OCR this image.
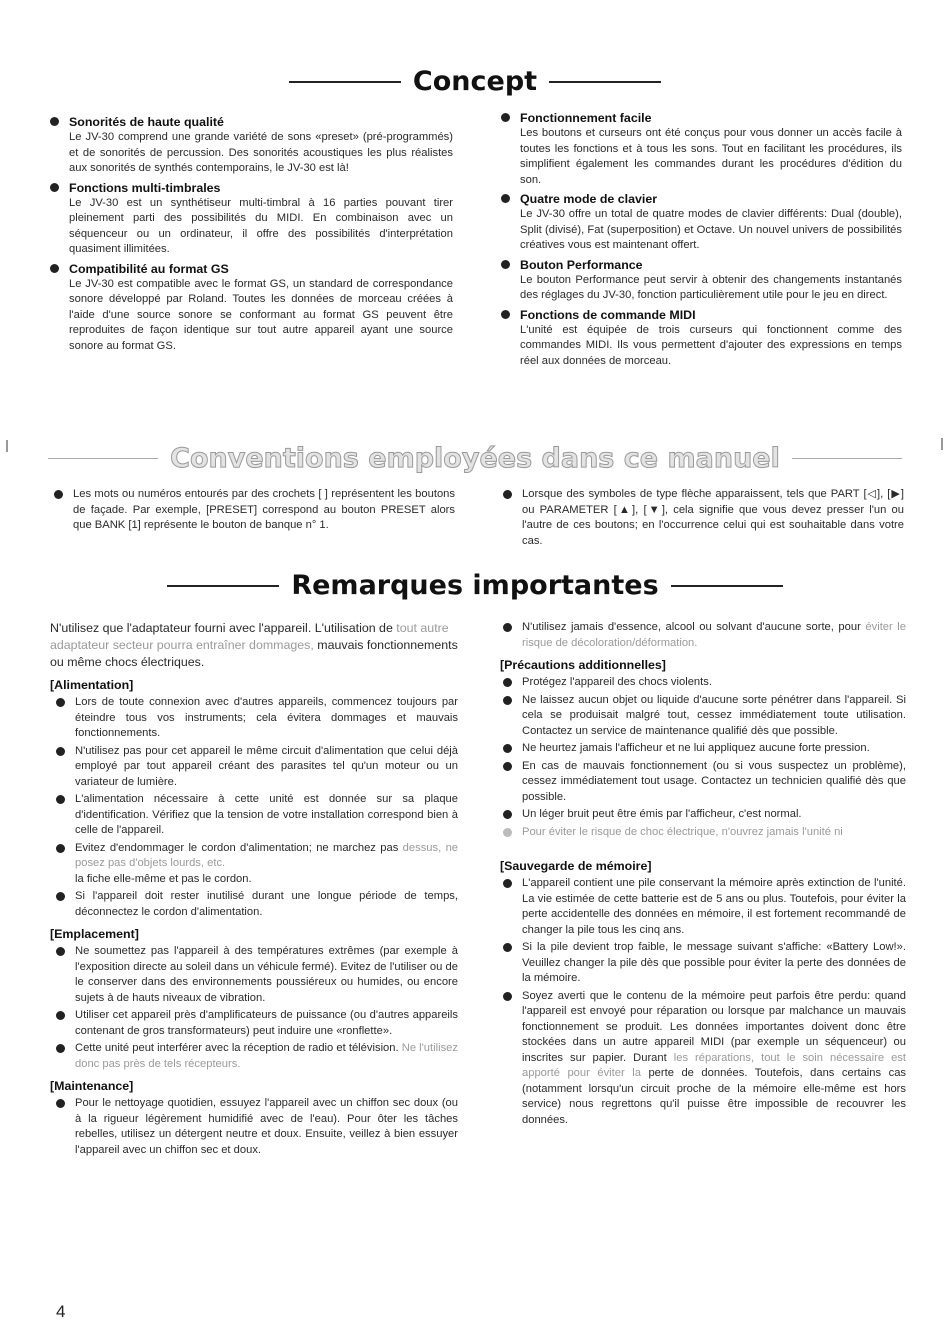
Concept
Sonorités de haute qualité

Le JV-30 comprend une grande variété de sons «preset» (pré-programmés) et de sonorités de percussion. Des sonorités acoustiques les plus réalistes aux sonorités de synthés contemporains, le JV-30 est là!

Fonctions multi-timbrales

Le JV-30 est un synthétiseur multi-timbral à 16 parties pouvant tirer pleinement parti des possibilités du MIDI. En combinaison avec un séquenceur ou un ordinateur, il offre des possibilités d'interprétation quasiment illimitées.

Compatibilité au format GS

Le JV-30 est compatible avec le format GS, un standard de correspondance sonore développé par Roland. Toutes les données de morceau créées à l'aide d'une source sonore se conformant au format GS peuvent être reproduites de façon identique sur tout autre appareil ayant une source sonore au format GS.

Fonctionnement facile

Les boutons et curseurs ont été conçus pour vous donner un accès facile à toutes les fonctions et à tous les sons. Tout en facilitant les procédures, ils simplifient également les commandes durant les procédures d'édition du son.

Quatre mode de clavier

Le JV-30 offre un total de quatre modes de clavier différents: Dual (double), Split (divisé), Fat (superposition) et Octave. Un nouvel univers de possibilités créatives vous est maintenant offert.

Bouton Performance

Le bouton Performance peut servir à obtenir des changements instantanés des réglages du JV-30, fonction particulièrement utile pour le jeu en direct.

Fonctions de commande MIDI

L'unité est équipée de trois curseurs qui fonctionnent comme des commandes MIDI. Ils vous permettent d'ajouter des expressions en temps réel aux données de morceau.

Conventions employées dans ce manuel
Les mots ou numéros entourés par des crochets [ ] représentent les boutons de façade. Par exemple, [PRESET] correspond au bouton PRESET alors que BANK [1] représente le bouton de banque n° 1.
Lorsque des symboles de type flèche apparaissent, tels que PART [◁], [▶] ou PARAMETER [▲], [▼], cela signifie que vous devez presser l'un ou l'autre de ces boutons; en l'occurrence celui qui est souhaitable dans votre cas.
Remarques importantes

N'utilisez que l'adaptateur fourni avec l'appareil. L'utilisation de tout autre adaptateur secteur pourra entraîner dommages, mauvais fonctionnements ou même chocs électriques.

[Alimentation]
Lors de toute connexion avec d'autres appareils, commencez toujours par éteindre tous vos instruments; cela évitera dommages et mauvais fonctionnements.
N'utilisez pas pour cet appareil le même circuit d'alimentation que celui déjà employé par tout appareil créant des parasites tel qu'un moteur ou un variateur de lumière.
L'alimentation nécessaire à cette unité est donnée sur sa plaque d'identification. Vérifiez que la tension de votre installation correspond bien à celle de l'appareil.
Evitez d'endommager le cordon d'alimentation; ne marchez pas dessus, ne posez pas d'objets lourds, etc.
la fiche elle-même et pas le cordon.
Si l'appareil doit rester inutilisé durant une longue période de temps, déconnectez le cordon d'alimentation.
[Emplacement]
Ne soumettez pas l'appareil à des températures extrêmes (par exemple à l'exposition directe au soleil dans un véhicule fermé). Evitez de l'utiliser ou de le conserver dans des environnements poussiéreux ou humides, ou encore sujets à de hauts niveaux de vibration.
Utiliser cet appareil près d'amplificateurs de puissance (ou d'autres appareils contenant de gros transformateurs) peut induire une «ronflette».
Cette unité peut interférer avec la réception de radio et télévision. Ne l'utilisez donc pas près de tels récepteurs.
[Maintenance]
Pour le nettoyage quotidien, essuyez l'appareil avec un chiffon sec doux (ou à la rigueur légèrement humidifié avec de l'eau). Pour ôter les tâches rebelles, utilisez un détergent neutre et doux. Ensuite, veillez à bien essuyer l'appareil avec un chiffon sec et doux.
N'utilisez jamais d'essence, alcool ou solvant d'aucune sorte, pour éviter le risque de décoloration/déformation.
[Précautions additionnelles]
Protégez l'appareil des chocs violents.
Ne laissez aucun objet ou liquide d'aucune sorte pénétrer dans l'appareil. Si cela se produisait malgré tout, cessez immédiatement toute utilisation. Contactez un service de maintenance qualifié dès que possible.
Ne heurtez jamais l'afficheur et ne lui appliquez aucune forte pression.
En cas de mauvais fonctionnement (ou si vous suspectez un problème), cessez immédiatement tout usage. Contactez un technicien qualifié dès que possible.
Un léger bruit peut être émis par l'afficheur, c'est normal.
Pour éviter le risque de choc électrique, n'ouvrez jamais l'unité ni
[Sauvegarde de mémoire]
L'appareil contient une pile conservant la mémoire après extinction de l'unité. La vie estimée de cette batterie est de 5 ans ou plus. Toutefois, pour éviter la perte accidentelle des données en mémoire, il est fortement recommandé de changer la pile tous les cinq ans.
Si la pile devient trop faible, le message suivant s'affiche: «Battery Low!». Veuillez changer la pile dès que possible pour éviter la perte des données de la mémoire.
Soyez averti que le contenu de la mémoire peut parfois être perdu: quand l'appareil est envoyé pour réparation ou lorsque par malchance un mauvais fonctionnement se produit. Les données importantes doivent donc être stockées dans un autre appareil MIDI (par exemple un séquenceur) ou inscrites sur papier. Durant les réparations, tout le soin nécessaire est apporté pour éviter la perte de données. Toutefois, dans certains cas (notamment lorsqu'un circuit proche de la mémoire elle-même est hors service) nous regrettons qu'il puisse être impossible de recouvrer les données.
4
